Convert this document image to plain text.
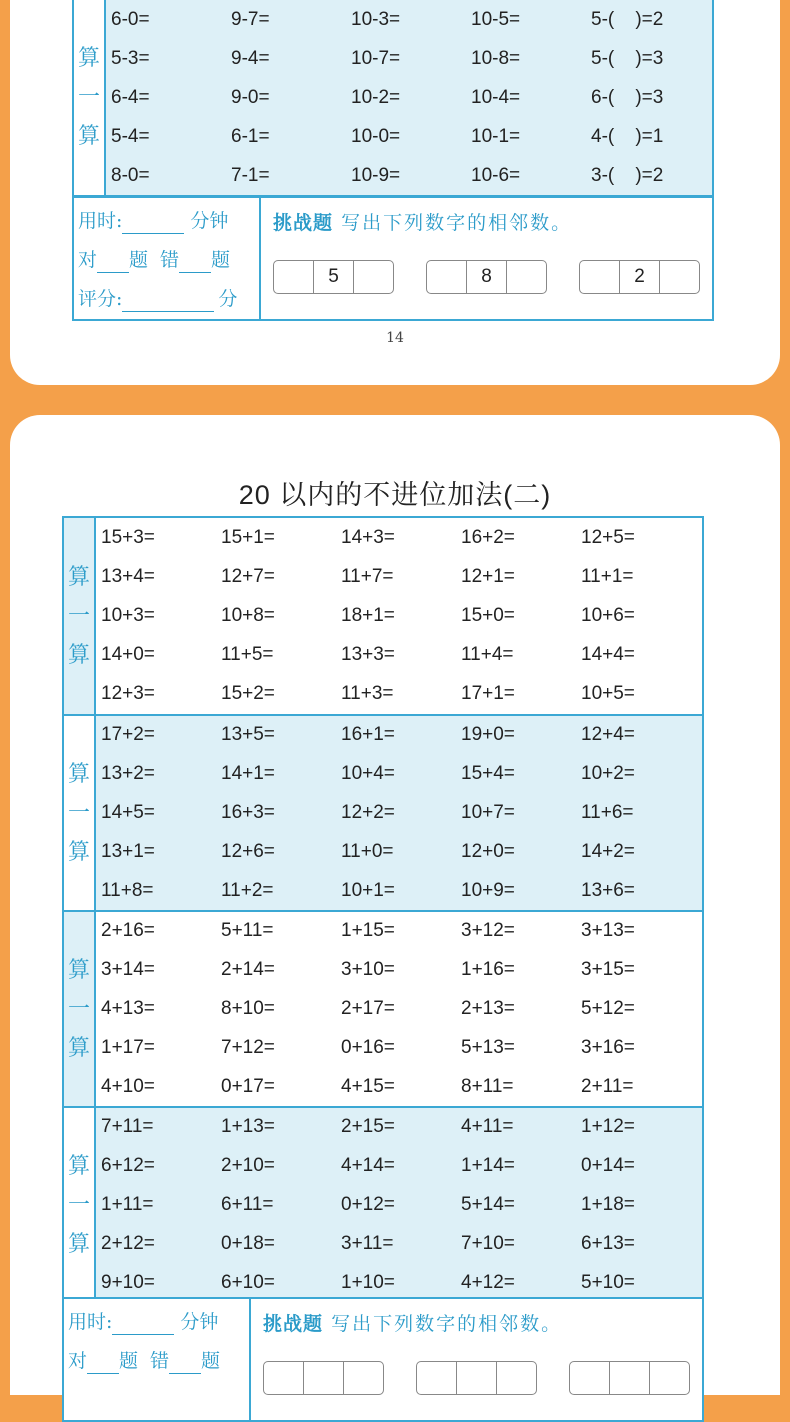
算
一
算
6-0=	9-7=	10-3=	10-5=	5-(    )=2
5-3=	9-4=	10-7=	10-8=	5-(    )=3
6-4=	9-0=	10-2=	10-4=	6-(    )=3
5-4=	6-1=	10-0=	10-1=	4-(    )=1
8-0=	7-1=	10-9=	10-6=	3-(    )=2
用时:	分钟
对 题 错 题
评分:	分
挑战题 写出下列数字的相邻数。
5	8	2
14
20 以内的不进位加法(二)
算
一
算
15+3=	15+1=	14+3=	16+2=	12+5=
13+4=	12+7=	11+7=	12+1=	11+1=
10+3=	10+8=	18+1=	15+0=	10+6=
14+0=	11+5=	13+3=	11+4=	14+4=
12+3=	15+2=	11+3=	17+1=	10+5=
算
一
算
17+2=	13+5=	16+1=	19+0=	12+4=
13+2=	14+1=	10+4=	15+4=	10+2=
14+5=	16+3=	12+2=	10+7=	11+6=
13+1=	12+6=	11+0=	12+0=	14+2=
11+8=	11+2=	10+1=	10+9=	13+6=
算
一
算
2+16=	5+11=	1+15=	3+12=	3+13=
3+14=	2+14=	3+10=	1+16=	3+15=
4+13=	8+10=	2+17=	2+13=	5+12=
1+17=	7+12=	0+16=	5+13=	3+16=
4+10=	0+17=	4+15=	8+11=	2+11=
算
一
算
7+11=	1+13=	2+15=	4+11=	1+12=
6+12=	2+10=	4+14=	1+14=	0+14=
1+11=	6+11=	0+12=	5+14=	1+18=
2+12=	0+18=	3+11=	7+10=	6+13=
9+10=	6+10=	1+10=	4+12=	5+10=
用时:	分钟
对 题 错 题
挑战题 写出下列数字的相邻数。
